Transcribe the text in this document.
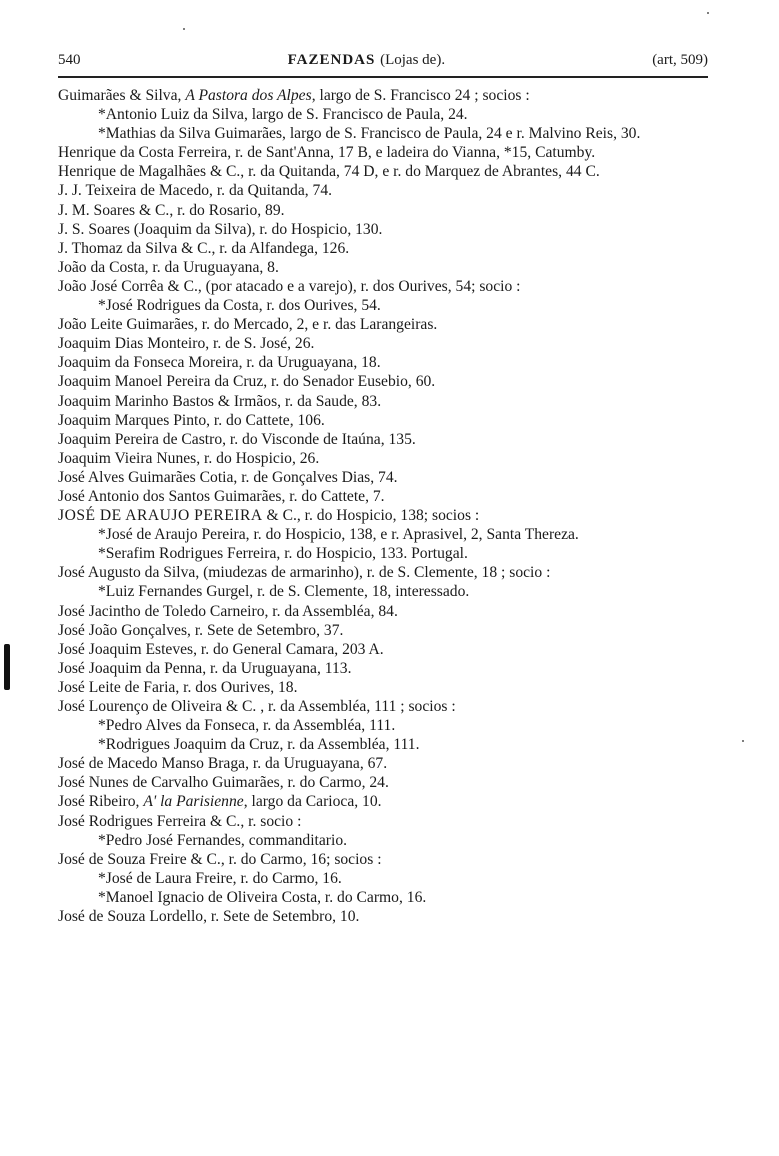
540	FAZENDAS (Lojas de).	(art, 509)
Guimarães & Silva, A Pastora dos Alpes, largo de S. Francisco 24 ; socios :
*Antonio Luiz da Silva, largo de S. Francisco de Paula, 24.
*Mathias da Silva Guimarães, largo de S. Francisco de Paula, 24 e r. Malvino Reis, 30.
Henrique da Costa Ferreira, r. de Sant'Anna, 17 B, e ladeira do Vianna, *15, Catumby.
Henrique de Magalhães & C., r. da Quitanda, 74 D, e r. do Marquez de Abrantes, 44 C.
J. J. Teixeira de Macedo, r. da Quitanda, 74.
J. M. Soares & C., r. do Rosario, 89.
J. S. Soares (Joaquim da Silva), r. do Hospicio, 130.
J. Thomaz da Silva & C., r. da Alfandega, 126.
João da Costa, r. da Uruguayana, 8.
João José Corrêa & C., (por atacado e a varejo), r. dos Ourives, 54; socio :
*José Rodrigues da Costa, r. dos Ourives, 54.
João Leite Guimarães, r. do Mercado, 2, e r. das Larangeiras.
Joaquim Dias Monteiro, r. de S. José, 26.
Joaquim da Fonseca Moreira, r. da Uruguayana, 18.
Joaquim Manoel Pereira da Cruz, r. do Senador Eusebio, 60.
Joaquim Marinho Bastos & Irmãos, r. da Saude, 83.
Joaquim Marques Pinto, r. do Cattete, 106.
Joaquim Pereira de Castro, r. do Visconde de Itaúna, 135.
Joaquim Vieira Nunes, r. do Hospicio, 26.
José Alves Guimarães Cotia, r. de Gonçalves Dias, 74.
José Antonio dos Santos Guimarães, r. do Cattete, 7.
JOSÉ DE ARAUJO PEREIRA & C., r. do Hospicio, 138; socios :
*José de Araujo Pereira, r. do Hospicio, 138, e r. Aprasivel, 2, Santa Thereza.
*Serafim Rodrigues Ferreira, r. do Hospicio, 133. Portugal.
José Augusto da Silva, (miudezas de armarinho), r. de S. Clemente, 18 ; socio :
*Luiz Fernandes Gurgel, r. de S. Clemente, 18, interessado.
José Jacintho de Toledo Carneiro, r. da Assembléa, 84.
José João Gonçalves, r. Sete de Setembro, 37.
José Joaquim Esteves, r. do General Camara, 203 A.
José Joaquim da Penna, r. da Uruguayana, 113.
José Leite de Faria, r. dos Ourives, 18.
José Lourenço de Oliveira & C. , r. da Assembléa, 111 ; socios :
*Pedro Alves da Fonseca, r. da Assembléa, 111.
*Rodrigues Joaquim da Cruz, r. da Assembléa, 111.
José de Macedo Manso Braga, r. da Uruguayana, 67.
José Nunes de Carvalho Guimarães, r. do Carmo, 24.
José Ribeiro, A' la Parisienne, largo da Carioca, 10.
José Rodrigues Ferreira & C., r. socio :
*Pedro José Fernandes, commanditario.
José de Souza Freire & C., r. do Carmo, 16; socios :
*José de Laura Freire, r. do Carmo, 16.
*Manoel Ignacio de Oliveira Costa, r. do Carmo, 16.
José de Souza Lordello, r. Sete de Setembro, 10.
